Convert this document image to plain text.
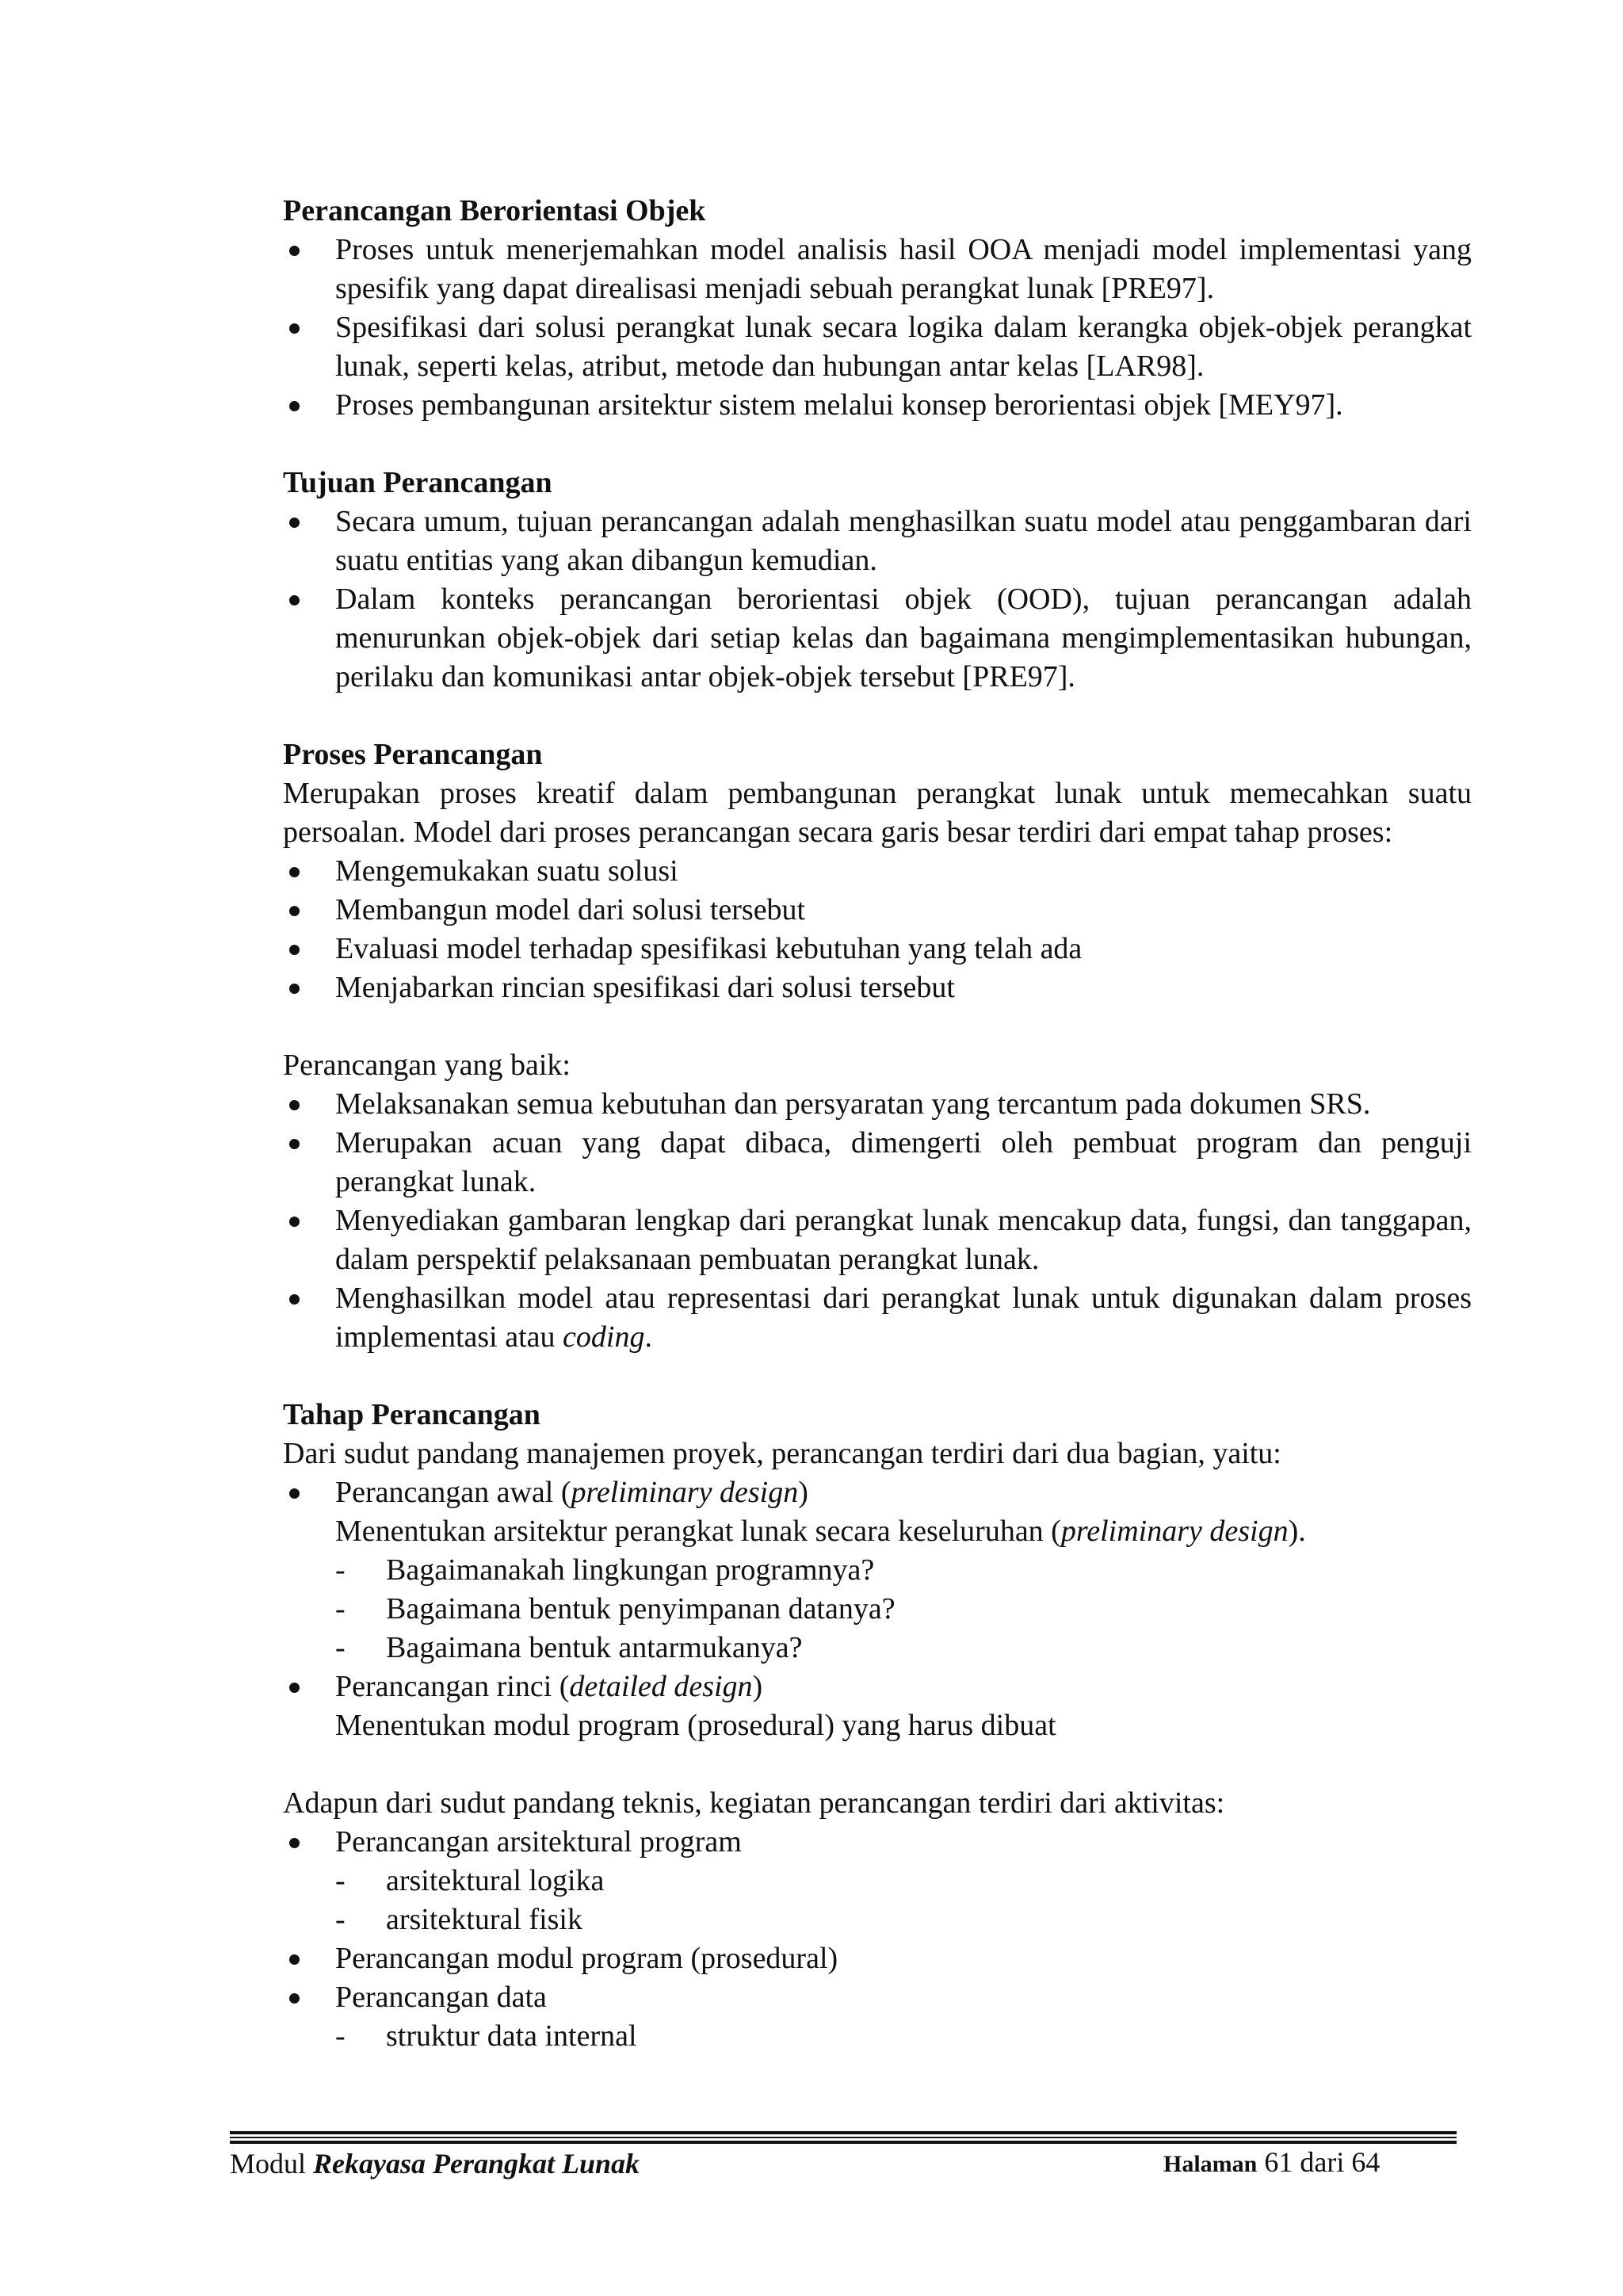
Perancangan Berorientasi Objek
Proses untuk menerjemahkan model analisis hasil OOA menjadi model implementasi yang spesifik yang dapat direalisasi menjadi sebuah perangkat lunak [PRE97].
Spesifikasi dari solusi perangkat lunak secara logika dalam kerangka objek-objek perangkat lunak, seperti kelas, atribut, metode dan hubungan antar kelas [LAR98].
Proses pembangunan arsitektur sistem melalui konsep berorientasi objek [MEY97].
Tujuan Perancangan
Secara umum, tujuan perancangan adalah menghasilkan suatu model atau penggambaran dari suatu entitias yang akan dibangun kemudian.
Dalam konteks perancangan berorientasi objek (OOD), tujuan perancangan adalah menurunkan objek-objek dari setiap kelas dan bagaimana mengimplementasikan hubungan, perilaku dan komunikasi antar objek-objek tersebut [PRE97].
Proses Perancangan
Merupakan proses kreatif dalam pembangunan perangkat lunak untuk memecahkan suatu persoalan. Model dari proses perancangan secara garis besar terdiri dari empat tahap proses:
Mengemukakan suatu solusi
Membangun model dari solusi tersebut
Evaluasi model terhadap spesifikasi kebutuhan yang telah ada
Menjabarkan rincian spesifikasi dari solusi tersebut
Perancangan yang baik:
Melaksanakan semua kebutuhan dan persyaratan yang tercantum pada dokumen SRS.
Merupakan acuan yang dapat dibaca, dimengerti oleh pembuat program dan penguji perangkat lunak.
Menyediakan gambaran lengkap dari perangkat lunak mencakup data, fungsi, dan tanggapan, dalam perspektif pelaksanaan pembuatan perangkat lunak.
Menghasilkan model atau representasi dari perangkat lunak untuk digunakan dalam proses implementasi atau coding.
Tahap Perancangan
Dari sudut pandang manajemen proyek, perancangan terdiri dari dua bagian, yaitu:
Perancangan awal (preliminary design)
Menentukan arsitektur perangkat lunak secara keseluruhan (preliminary design).
- Bagaimanakah lingkungan programnya?
- Bagaimana bentuk penyimpanan datanya?
- Bagaimana bentuk antarmukanya?
Perancangan rinci (detailed design)
Menentukan modul program (prosedural) yang harus dibuat
Adapun dari sudut pandang teknis, kegiatan perancangan terdiri dari aktivitas:
Perancangan arsitektural program
- arsitektural logika
- arsitektural fisik
Perancangan modul program (prosedural)
Perancangan data
- struktur data internal
Modul Rekayasa Perangkat Lunak	Halaman 61 dari 64
